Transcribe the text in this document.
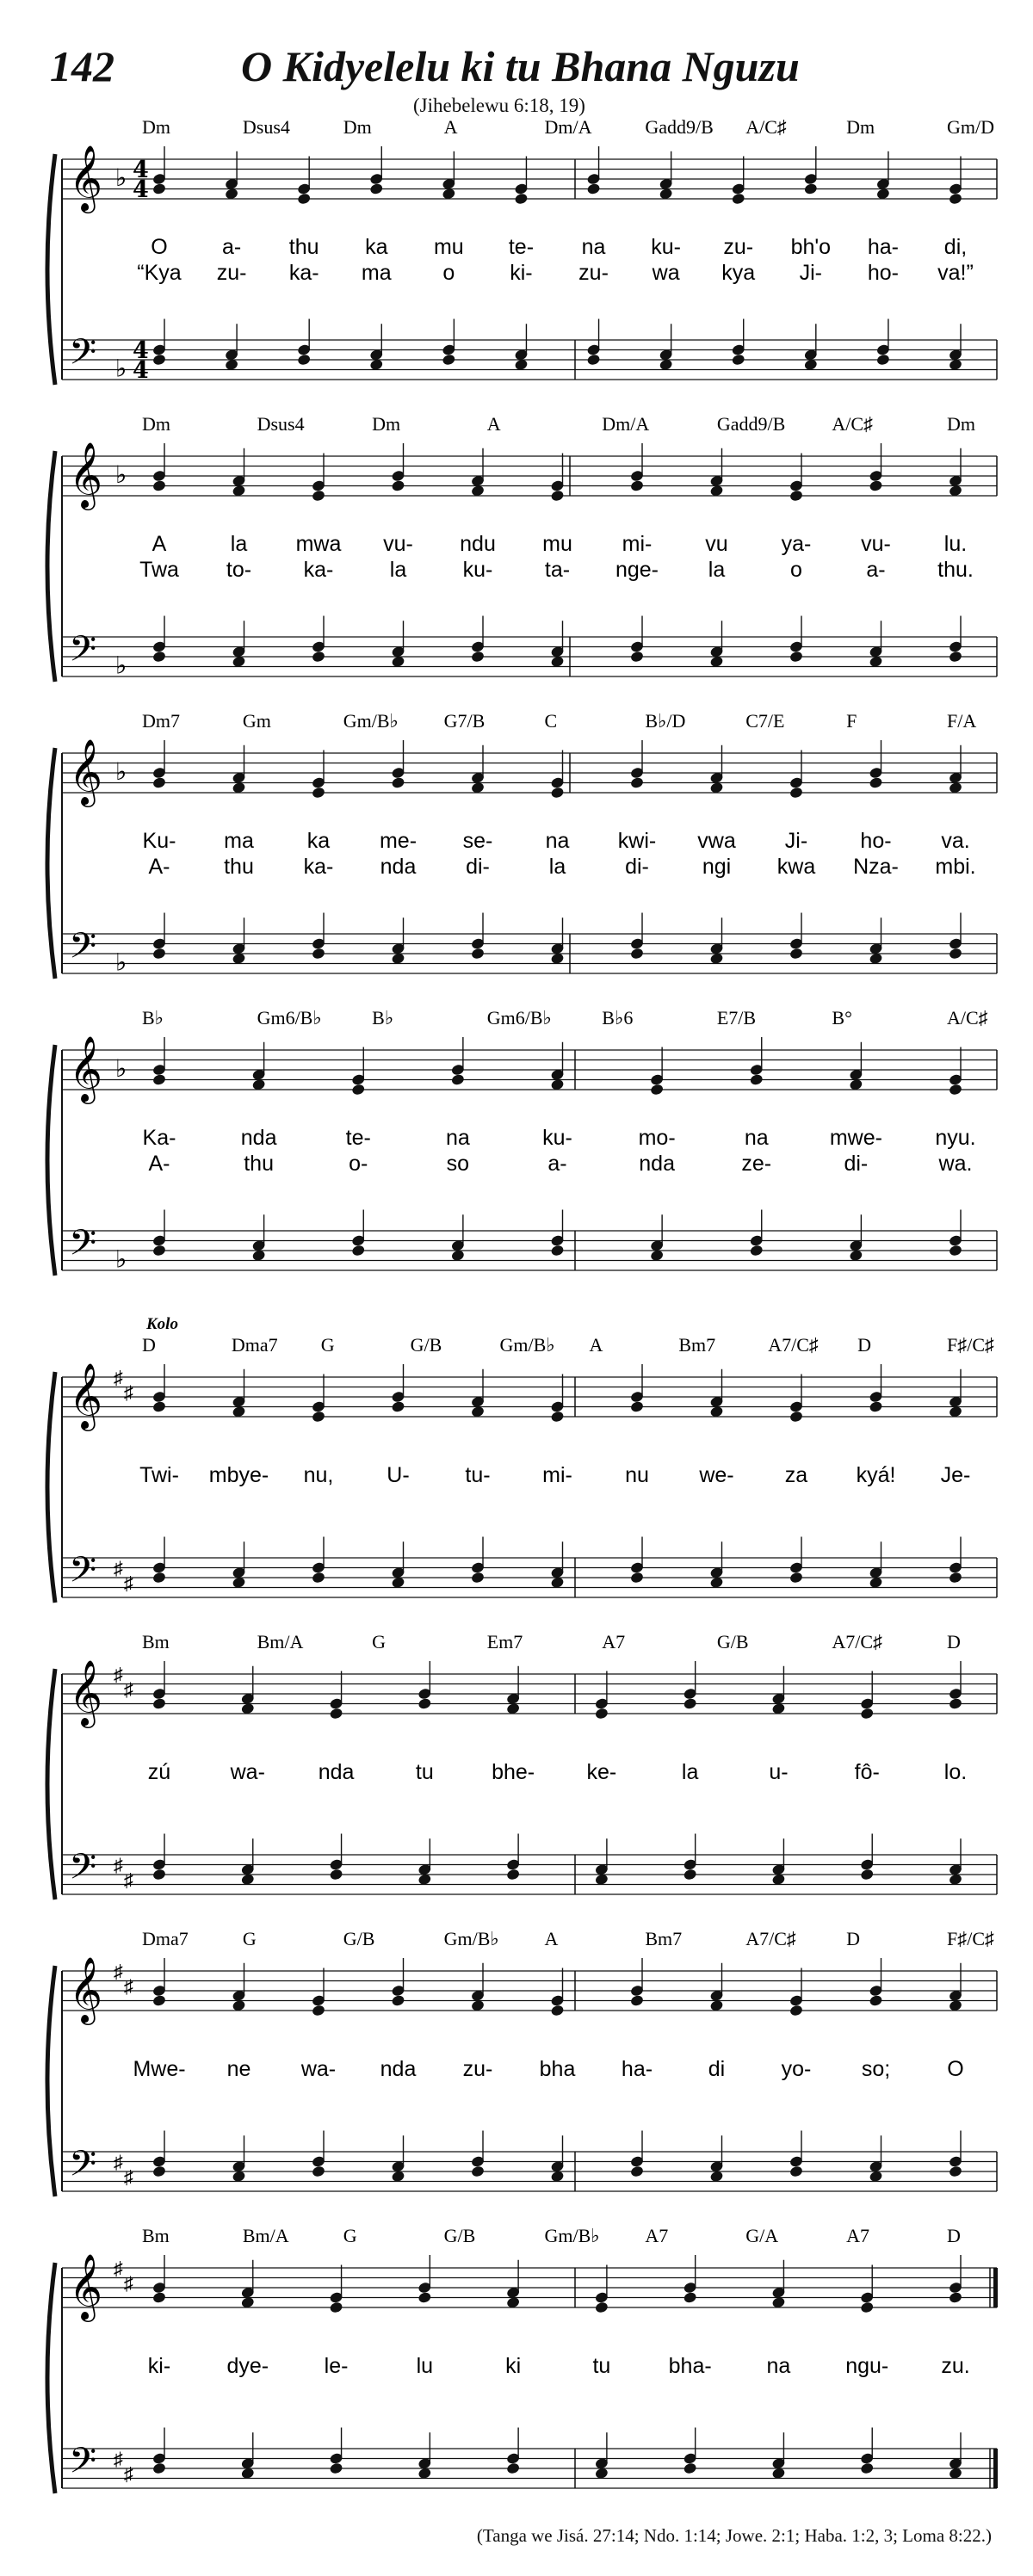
142	O Kidyelelu ki tu Bhana Nguzu
(Jihebelewu 6:18, 19)
𝄞
𝄢
♭
♭
4
4
4
4
Dm	Dsus4	Dm	A	Dm/A	Gadd9/B A/C♯	Dm	Gm/D
O
“Kya
a-
zu-
thu
ka-
ka
ma
mu
o
te-
ki-
na
zu-
ku-
wa
zu-
kya
bh'o
Ji-
ha-
ho-
di,
va!”
𝄞
𝄢
♭
♭
Dm	Dsus4	Dm	A	Dm/A	Gadd9/B A/C♯	Dm
A
Twa
la
to-
mwa
ka-
vu-
la
ndu
ku-
mu
ta-
mi-
nge-
vu
la
ya-
o
vu-
a-
lu.
thu.
𝄞
𝄢
♭
♭
Dm7	Gm	Gm/B♭ G7/B	C	B♭/D	C7/E	F	F/A
Ku-
A-
ma
thu
ka
ka-
me-
nda
se-
di-
na
la
kwi-
di-
vwa
ngi
Ji-
kwa
ho-
Nza-
va.
mbi.
𝄞
𝄢
♭
♭
B♭	Gm6/B♭	B♭	Gm6/B♭	B♭6	E7/B	B°	A/C♯
Ka-
A-
nda
thu
te-
o-
na
so
ku-
a-
mo-
nda
na
ze-
mwe-
di-
nyu.
wa.
𝄞
𝄢
♯
♯
♯
♯
Kolo
D	Dma7 G	G/B	Gm/B♭ A	Bm7	A7/C♯ D	F♯/C♯
Twi- mbye- nu, U-	tu- mi- nu we- za kyá! Je-
𝄞
𝄢
♯
♯
♯
♯
Bm	Bm/A	G	Em7	A7	G/B	A7/C♯	D
zú	wa- nda	tu	bhe- ke-	la	u-	fô-	lo.
𝄞
𝄢
♯
♯
♯
♯
Dma7	G	G/B	Gm/B♭ A	Bm7	A7/C♯	D	F♯/C♯
Mwe- ne wa- nda zu- bha ha-	di	yo- so;	O
𝄞
𝄢
♯
♯
♯
♯
Bm	Bm/A	G	G/B	Gm/B♭ A7	G/A	A7	D
ki-	dye-	le-	lu	ki	tu	bha-	na	ngu- zu.
(Tanga we Jisá. 27:14; Ndo. 1:14; Jowe. 2:1; Haba. 1:2, 3; Loma 8:22.)
